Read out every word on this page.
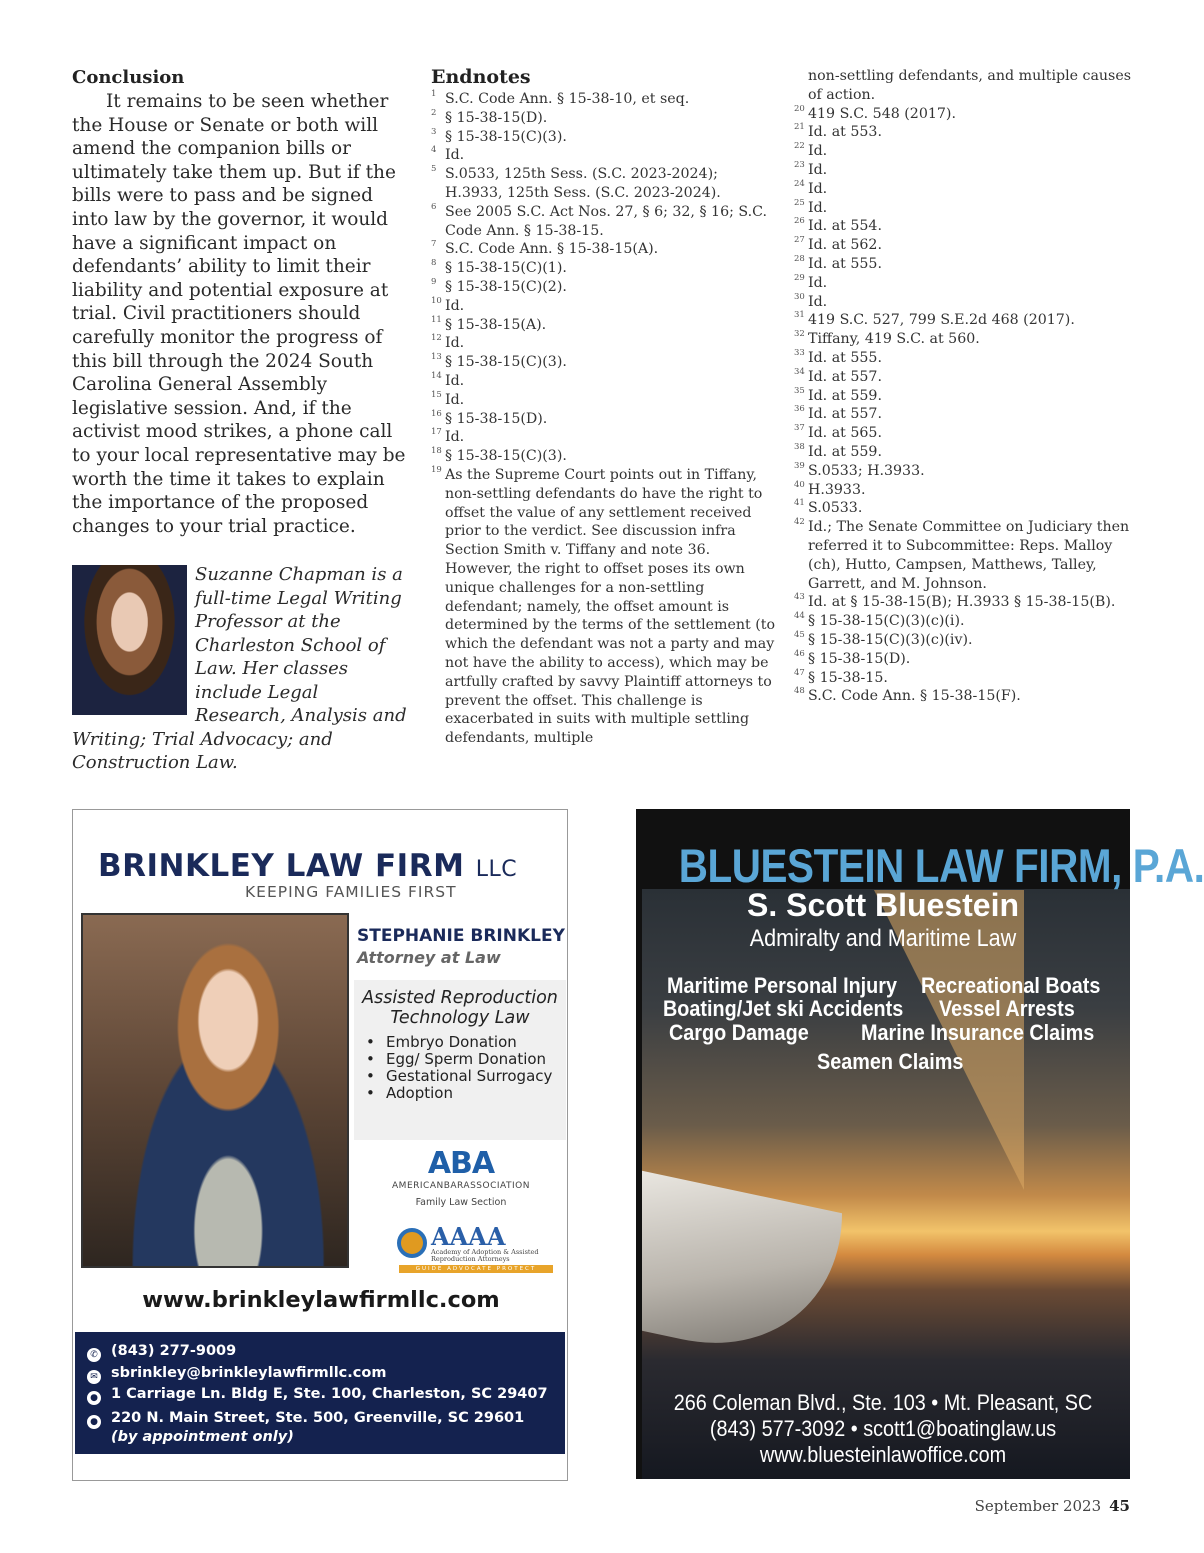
Conclusion

It remains to be seen whether the House or Senate or both will amend the companion bills or ultimately take them up. But if the bills were to pass and be signed into law by the governor, it would have a significant impact on defendants’ ability to limit their liability and potential exposure at trial. Civil practitioners should carefully monitor the progress of this bill through the 2024 South Carolina General Assembly legislative session. And, if the activist mood strikes, a phone call to your local representative may be worth the time it takes to explain the importance of the proposed changes to your trial practice.

Suzanne Chapman is a full-time Legal Writing Professor at the Charleston School of Law. Her classes include Legal Research, Analysis and Writing; Trial Advocacy; and Construction Law.

Endnotes
1 S.C. Code Ann. § 15-38-10, et seq.
2 § 15-38-15(D).
3 § 15-38-15(C)(3).
4 Id.
5 S.0533, 125th Sess. (S.C. 2023-2024); H.3933, 125th Sess. (S.C. 2023-2024).
6 See 2005 S.C. Act Nos. 27, § 6; 32, § 16; S.C. Code Ann. § 15-38-15.
7 S.C. Code Ann. § 15-38-15(A).
8 § 15-38-15(C)(1).
9 § 15-38-15(C)(2).
10 Id.
11 § 15-38-15(A).
12 Id.
13 § 15-38-15(C)(3).
14 Id.
15 Id.
16 § 15-38-15(D).
17 Id.
18 § 15-38-15(C)(3).
19 As the Supreme Court points out in Tiffany, non-settling defendants do have the right to offset the value of any settlement received prior to the verdict. See discussion infra Section Smith v. Tiffany and note 36. However, the right to offset poses its own unique challenges for a non-settling defendant; namely, the offset amount is determined by the terms of the settlement (to which the defendant was not a party and may not have the ability to access), which may be artfully crafted by savvy Plaintiff attorneys to prevent the offset. This challenge is exacerbated in suits with multiple settling defendants, multiple
non-settling defendants, and multiple causes of action.
20 419 S.C. 548 (2017).
21 Id. at 553.
22 Id.
23 Id.
24 Id.
25 Id.
26 Id. at 554.
27 Id. at 562.
28 Id. at 555.
29 Id.
30 Id.
31 419 S.C. 527, 799 S.E.2d 468 (2017).
32 Tiffany, 419 S.C. at 560.
33 Id. at 555.
34 Id. at 557.
35 Id. at 559.
36 Id. at 557.
37 Id. at 565.
38 Id. at 559.
39 S.0533; H.3933.
40 H.3933.
41 S.0533.
42 Id.; The Senate Committee on Judiciary then referred it to Subcommittee: Reps. Malloy (ch), Hutto, Campsen, Matthews, Talley, Garrett, and M. Johnson.
43 Id. at § 15-38-15(B); H.3933 § 15-38-15(B).
44 § 15-38-15(C)(3)(c)(i).
45 § 15-38-15(C)(3)(c)(iv).
46 § 15-38-15(D).
47 § 15-38-15.
48 S.C. Code Ann. § 15-38-15(F).
BRINKLEY LAW FIRM LLC
KEEPING FAMILIES FIRST
STEPHANIE BRINKLEY
Attorney at Law
Assisted Reproduction Technology Law
• Embryo Donation
• Egg/ Sperm Donation
• Gestational Surrogacy
• Adoption
ABA
AMERICANBARASSOCIATION
Family Law Section
AAAA
Academy of Adoption & Assisted Reproduction Attorneys
GUIDE ADVOCATE PROTECT
www.brinkleylawfirmllc.com
✆ (843) 277-9009
✉ sbrinkley@brinkleylawfirmllc.com
● 1 Carriage Ln. Bldg E, Ste. 100, Charleston, SC 29407
● 220 N. Main Street, Ste. 500, Greenville, SC 29601
(by appointment only)
BLUESTEIN LAW FIRM, P.A.
S. Scott Bluestein
Admiralty and Maritime Law
Maritime Personal Injury Recreational Boats
Boating/Jet ski Accidents Vessel Arrests
Cargo Damage Marine Insurance Claims
Seamen Claims
266 Coleman Blvd., Ste. 103 • Mt. Pleasant, SC
(843) 577-3092 • scott1@boatinglaw.us
www.bluesteinlawoffice.com
September 2023 45
